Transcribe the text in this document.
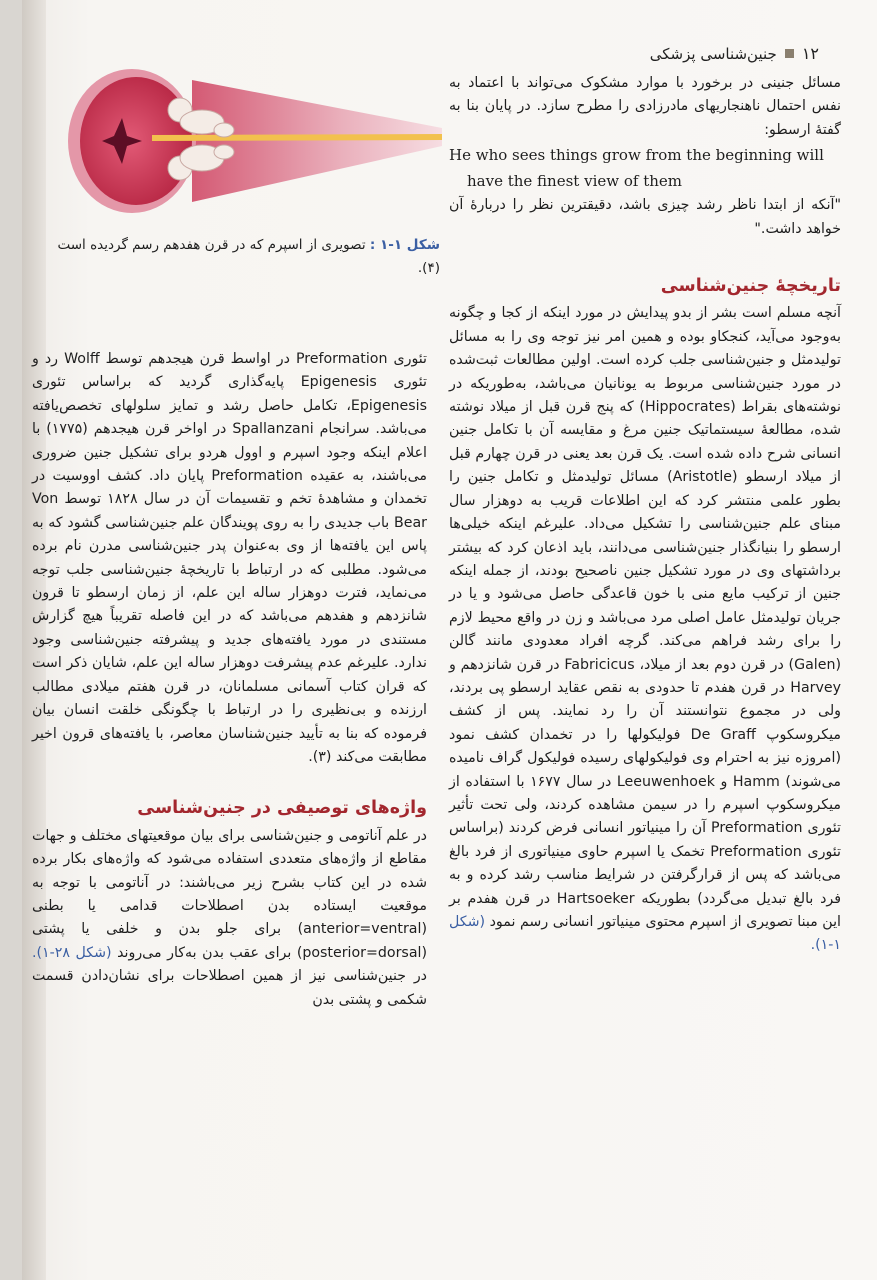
۱۲
جنین‌شناسی پزشکی
شکل ۱-۱ : تصویری از اسپرم که در قرن هفدهم رسم گردیده است (۴).

مسائل جنینی در برخورد با موارد مشکوک می‌تواند با اعتماد به نفس احتمال ناهنجاریهای مادرزادی را مطرح سازد. در پایان بنا به گفتهٔ ارسطو:

He who sees things grow from the beginning will

have the finest view of them

"آنکه از ابتدا ناظر رشد چیزی باشد، دقیقترین نظر را دربارهٔ آن خواهد داشت."

تاریخچهٔ جنین‌شناسی

آنچه مسلم است بشر از بدو پیدایش در مورد اینکه از کجا و چگونه به‌وجود می‌آید، کنجکاو بوده و همین امر نیز توجه وی را به مسائل تولیدمثل و جنین‌شناسی جلب کرده است. اولین مطالعات ثبت‌شده در مورد جنین‌شناسی مربوط به یونانیان می‌باشد، به‌طوریکه در نوشته‌های بقراط (Hippocrates) که پنج قرن قبل از میلاد نوشته شده، مطالعهٔ سیستماتیک جنین مرغ و مقایسه آن با تکامل جنین انسانی شرح داده شده است. یک قرن بعد یعنی در قرن چهارم قبل از میلاد ارسطو (Aristotle) مسائل تولیدمثل و تکامل جنین را بطور علمی منتشر کرد که این اطلاعات قریب به دوهزار سال مبنای علم جنین‌شناسی را تشکیل می‌داد. علیرغم اینکه خیلی‌ها ارسطو را بنیانگذار جنین‌شناسی می‌دانند، باید اذعان کرد که بیشتر برداشتهای وی در مورد تشکیل جنین ناصحیح بودند، از جمله اینکه جنین از ترکیب مایع منی با خون قاعدگی حاصل می‌شود و یا در جریان تولیدمثل عامل اصلی مرد می‌باشد و زن در واقع محیط لازم را برای رشد فراهم می‌کند. گرچه افراد معدودی مانند گالن (Galen) در قرن دوم بعد از میلاد، Fabricicus در قرن شانزدهم و Harvey در قرن هفدم تا حدودی به نقص عقاید ارسطو پی بردند، ولی در مجموع نتوانستند آن را رد نمایند. پس از کشف میکروسکوپ De Graff فولیکولها را در تخمدان کشف نمود (امروزه نیز به احترام وی فولیکولهای رسیده فولیکول گراف نامیده می‌شوند) Hamm و Leeuwenhoek در سال ۱۶۷۷ با استفاده از میکروسکوپ اسپرم را در سیمن مشاهده کردند، ولی تحت تأثیر تئوری Preformation آن را مینیاتور انسانی فرض کردند (براساس تئوری Preformation تخمک یا اسپرم حاوی مینیاتوری از فرد بالغ می‌باشد که پس از قرارگرفتن در شرایط مناسب رشد کرده و به فرد بالغ تبدیل می‌گردد) بطوریکه Hartsoeker در قرن هفدم بر این مبنا تصویری از اسپرم محتوی مینیاتور انسانی رسم نمود (شکل ۱-۱).

تئوری Preformation در اواسط قرن هیجدهم توسط Wolff رد و تئوری Epigenesis پایه‌گذاری گردید که براساس تئوری Epigenesis، تکامل حاصل رشد و تمایز سلولهای تخصص‌یافته می‌باشد. سرانجام Spallanzani در اواخر قرن هیجدهم (۱۷۷۵) با اعلام اینکه وجود اسپرم و اوول هردو برای تشکیل جنین ضروری می‌باشند، به عقیده Preformation پایان داد. کشف اووسیت در تخمدان و مشاهدهٔ تخم و تقسیمات آن در سال ۱۸۲۸ توسط Von Bear باب جدیدی را به روی پویندگان علم جنین‌شناسی گشود که به پاس این یافته‌ها از وی به‌عنوان پدر جنین‌شناسی مدرن نام برده می‌شود. مطلبی که در ارتباط با تاریخچهٔ جنین‌شناسی جلب توجه می‌نماید، فترت دوهزار ساله این علم، از زمان ارسطو تا قرون شانزدهم و هفدهم می‌باشد که در این فاصله تقریباً هیچ گزارش مستندی در مورد یافته‌های جدید و پیشرفته جنین‌شناسی وجود ندارد. علیرغم عدم پیشرفت دوهزار ساله این علم، شایان ذکر است که قران کتاب آسمانی مسلمانان، در قرن هفتم میلادی مطالب ارزنده و بی‌نظیری را در ارتباط با چگونگی خلقت انسان بیان فرموده که بنا به تأیید جنین‌شناسان معاصر، با یافته‌های قرون اخیر مطابقت می‌کند (۳).

واژه‌های توصیفی در جنین‌شناسی

در علم آناتومی و جنین‌شناسی برای بیان موقعیتهای مختلف و جهات مقاطع از واژه‌های متعددی استفاده می‌شود که واژه‌های بکار برده شده در این کتاب بشرح زیر می‌باشند: در آناتومی با توجه به موقعیت ایستاده بدن اصطلاحات قدامی یا بطنی (anterior=ventral) برای جلو بدن و خلفی یا پشتی (posterior=dorsal) برای عقب بدن به‌کار می‌روند (شکل ۲۸-۱). در جنین‌شناسی نیز از همین اصطلاحات برای نشان‌دادن قسمت شکمی و پشتی بدن
